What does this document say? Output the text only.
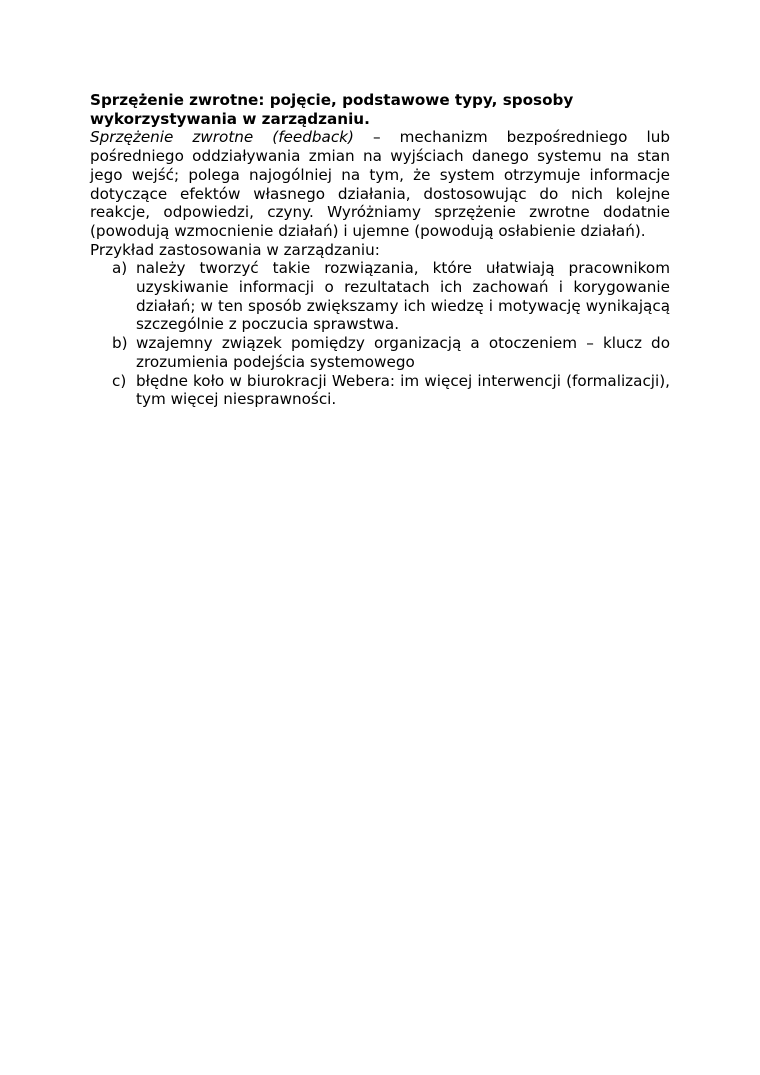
Sprzężenie zwrotne: pojęcie, podstawowe typy, sposoby wykorzystywania w zarządzaniu.

Sprzężenie zwrotne (feedback) – mechanizm bezpośredniego lub pośredniego oddziaływania zmian na wyjściach danego systemu na stan jego wejść; polega najogólniej na tym, że system otrzymuje informacje dotyczące efektów własnego działania, dostosowując do nich kolejne reakcje, odpowiedzi, czyny. Wyróżniamy sprzężenie zwrotne dodatnie (powodują wzmocnienie działań) i ujemne (powodują osłabienie działań).

Przykład zastosowania w zarządzaniu:

a) należy tworzyć takie rozwiązania, które ułatwiają pracownikom uzyskiwanie informacji o rezultatach ich zachowań i korygowanie działań; w ten sposób zwiększamy ich wiedzę i motywację wynikającą szczególnie z poczucia sprawstwa.
b) wzajemny związek pomiędzy organizacją a otoczeniem – klucz do zrozumienia podejścia systemowego
c) błędne koło w biurokracji Webera: im więcej interwencji (formalizacji), tym więcej niesprawności.
